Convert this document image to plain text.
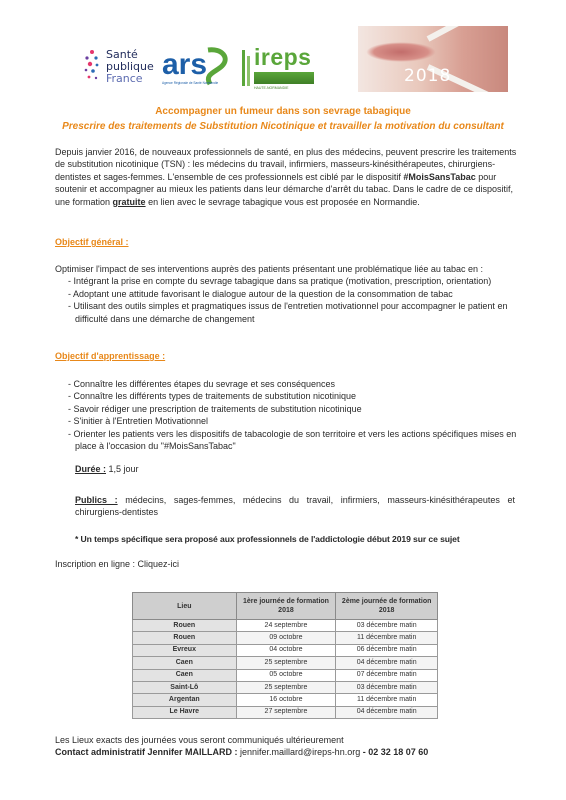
Santé
publique
France ars
Agence Régionale de Santé Normandie
ireps
HAUTE-NORMANDIE
2018
Accompagner un fumeur dans son sevrage tabagique
Prescrire des traitements de Substitution Nicotinique et travailler la motivation du consultant
Depuis janvier 2016, de nouveaux professionnels de santé, en plus des médecins, peuvent prescrire les traitements de substitution nicotinique (TSN) : les médecins du travail, infirmiers, masseurs-kinésithérapeutes, chirurgiens-dentistes et sages-femmes. L'ensemble de ces professionnels est ciblé par le dispositif #MoisSansTabac pour soutenir et accompagner au mieux les patients dans leur démarche d'arrêt du tabac. Dans le cadre de ce dispositif, une formation gratuite en lien avec le sevrage tabagique vous est proposée en Normandie.
Objectif général :
Optimiser l'impact de ses interventions auprès des patients présentant une problématique liée au tabac en :
- Intégrant la prise en compte du sevrage tabagique dans sa pratique (motivation, prescription, orientation)
- Adoptant une attitude favorisant le dialogue autour de la question de la consommation de tabac
- Utilisant des outils simples et pragmatiques issus de l'entretien motivationnel pour accompagner le patient en difficulté dans une démarche de changement
Objectif d'apprentissage :
- Connaître les différentes étapes du sevrage et ses conséquences
- Connaître les différents types de traitements de substitution nicotinique
- Savoir rédiger une prescription de traitements de substitution nicotinique
- S'initier à l'Entretien Motivationnel
- Orienter les patients vers les dispositifs de tabacologie de son territoire et vers les actions spécifiques mises en place à l'occasion du "#MoisSansTabac"
Durée : 1,5 jour
Publics : médecins, sages-femmes, médecins du travail, infirmiers, masseurs-kinésithérapeutes et chirurgiens-dentistes
* Un temps spécifique sera proposé aux professionnels de l'addictologie début 2019 sur ce sujet
Inscription en ligne : Cliquez-ici
Lieu	1ère journée de formation 2018	2ème journée de formation 2018
Rouen	24 septembre	03 décembre matin
Rouen	09 octobre	11 décembre matin
Evreux	04 octobre	06 décembre matin
Caen	25 septembre	04 décembre matin
Caen	05 octobre	07 décembre matin
Saint-Lô	25 septembre	03 décembre matin
Argentan	16 octobre	11 décembre matin
Le Havre	27 septembre	04 décembre matin
Les Lieux exacts des journées vous seront communiqués ultérieurement
Contact administratif Jennifer MAILLARD : jennifer.maillard@ireps-hn.org - 02 32 18 07 60
